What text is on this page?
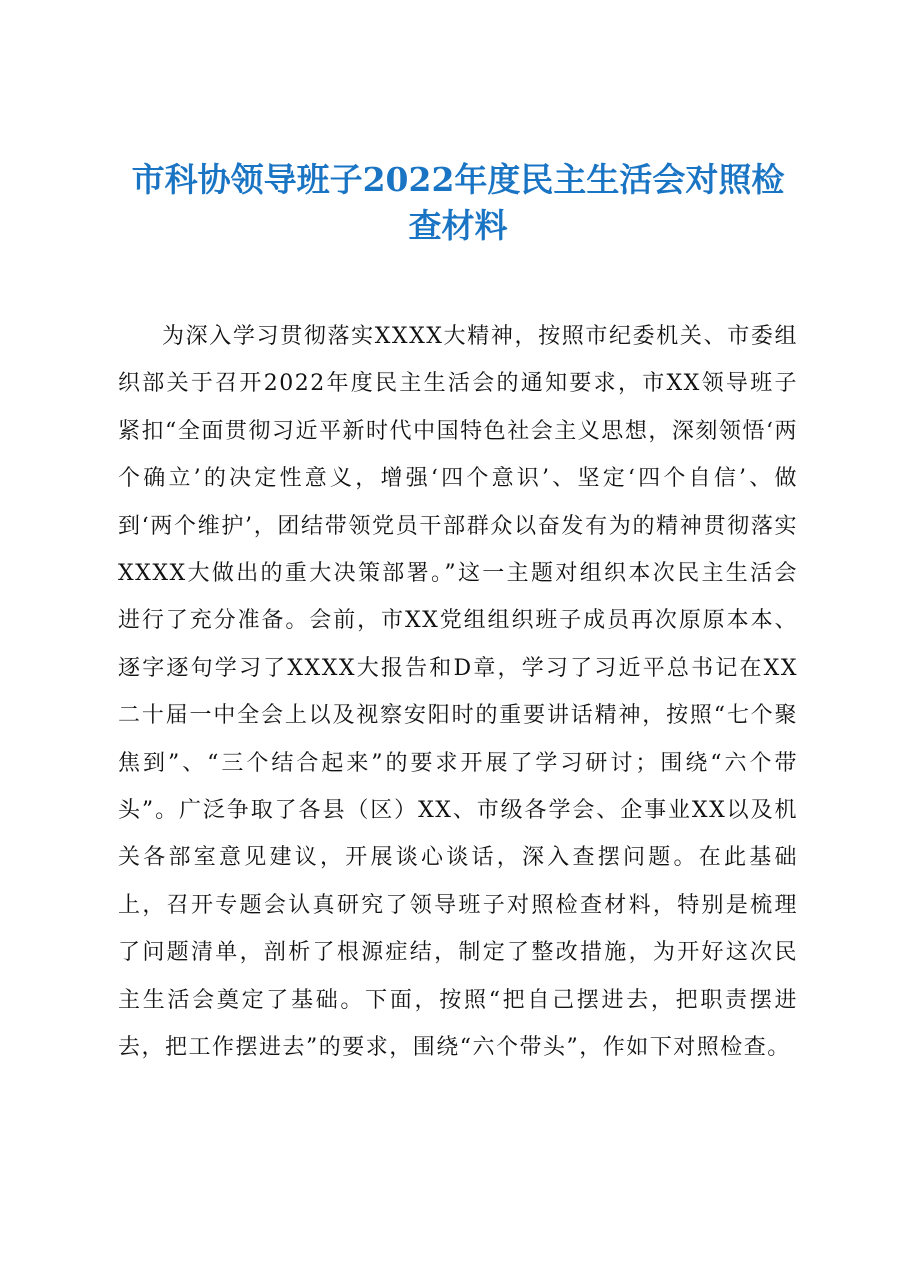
市科协领导班子2022年度民主生活会对照检查材料

为深入学习贯彻落实XXXX大精神，按照市纪委机关、市委组织部关于召开2022年度民主生活会的通知要求，市XX领导班子紧扣“全面贯彻习近平新时代中国特色社会主义思想，深刻领悟‘两个确立’的决定性意义，增强‘四个意识’、坚定‘四个自信’、做到‘两个维护’，团结带领党员干部群众以奋发有为的精神贯彻落实XXXX大做出的重大决策部署。”这一主题对组织本次民主生活会进行了充分准备。会前，市XX党组组织班子成员再次原原本本、逐字逐句学习了XXXX大报告和D章，学习了习近平总书记在XX二十届一中全会上以及视察安阳时的重要讲话精神，按照“七个聚焦到”、“三个结合起来”的要求开展了学习研讨；围绕“六个带头”。广泛争取了各县（区）XX、市级各学会、企事业XX以及机关各部室意见建议，开展谈心谈话，深入查摆问题。在此基础上，召开专题会认真研究了领导班子对照检查材料，特别是梳理了问题清单，剖析了根源症结，制定了整改措施，为开好这次民主生活会奠定了基础。下面，按照“把自己摆进去，把职责摆进去，把工作摆进去”的要求，围绕“六个带头”，作如下对照检查。
